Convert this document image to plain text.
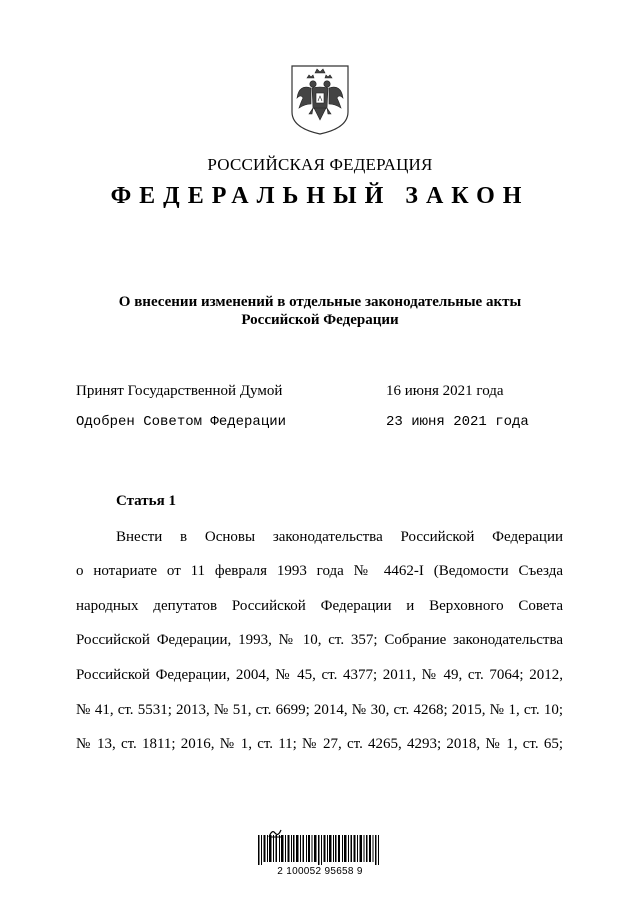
РОССИЙСКАЯ ФЕДЕРАЦИЯ
ФЕДЕРАЛЬНЫЙ ЗАКОН
О внесении изменений в отдельные законодательные акты
Российской Федерации
Принят Государственной Думой	16 июня 2021 года
Одобрен Советом Федерации	23 июня 2021 года
Статья 1
Внести в Основы законодательства Российской Федерации
о нотариате от 11 февраля 1993 года № 4462-I (Ведомости Съезда
народных депутатов Российской Федерации и Верховного Совета
Российской Федерации, 1993, № 10, ст. 357; Собрание законодательства
Российской Федерации, 2004, № 45, ст. 4377; 2011, № 49, ст. 7064; 2012,
№ 41, ст. 5531; 2013, № 51, ст. 6699; 2014, № 30, ст. 4268; 2015, № 1, ст. 10;
№ 13, ст. 1811; 2016, № 1, ст. 11; № 27, ст. 4265, 4293; 2018, № 1, ст. 65;
2 100052 95658 9
